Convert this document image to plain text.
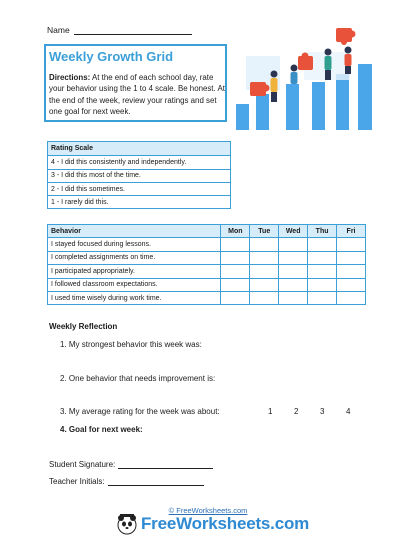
Name
Weekly Growth Grid
Directions: At the end of each school day, rate your behavior using the 1 to 4 scale. Be honest. At the end of the week, review your ratings and set one goal for next week.
Rating Scale
4 - I did this consistently and independently.
3 - I did this most of the time.
2 - I did this sometimes.
1 - I rarely did this.
Behavior	Mon	Tue	Wed	Thu	Fri
I stayed focused during lessons.					
I completed assignments on time.					
I participated appropriately.					
I followed classroom expectations.					
I used time wisely during work time.					
Weekly Reflection
1. My strongest behavior this week was:
2. One behavior that needs improvement is:
3. My average rating for the week was about:	1	2	3	4
4. Goal for next week:
Student Signature:
Teacher Initials:
© FreeWorksheets.com
FreeWorksheets.com
